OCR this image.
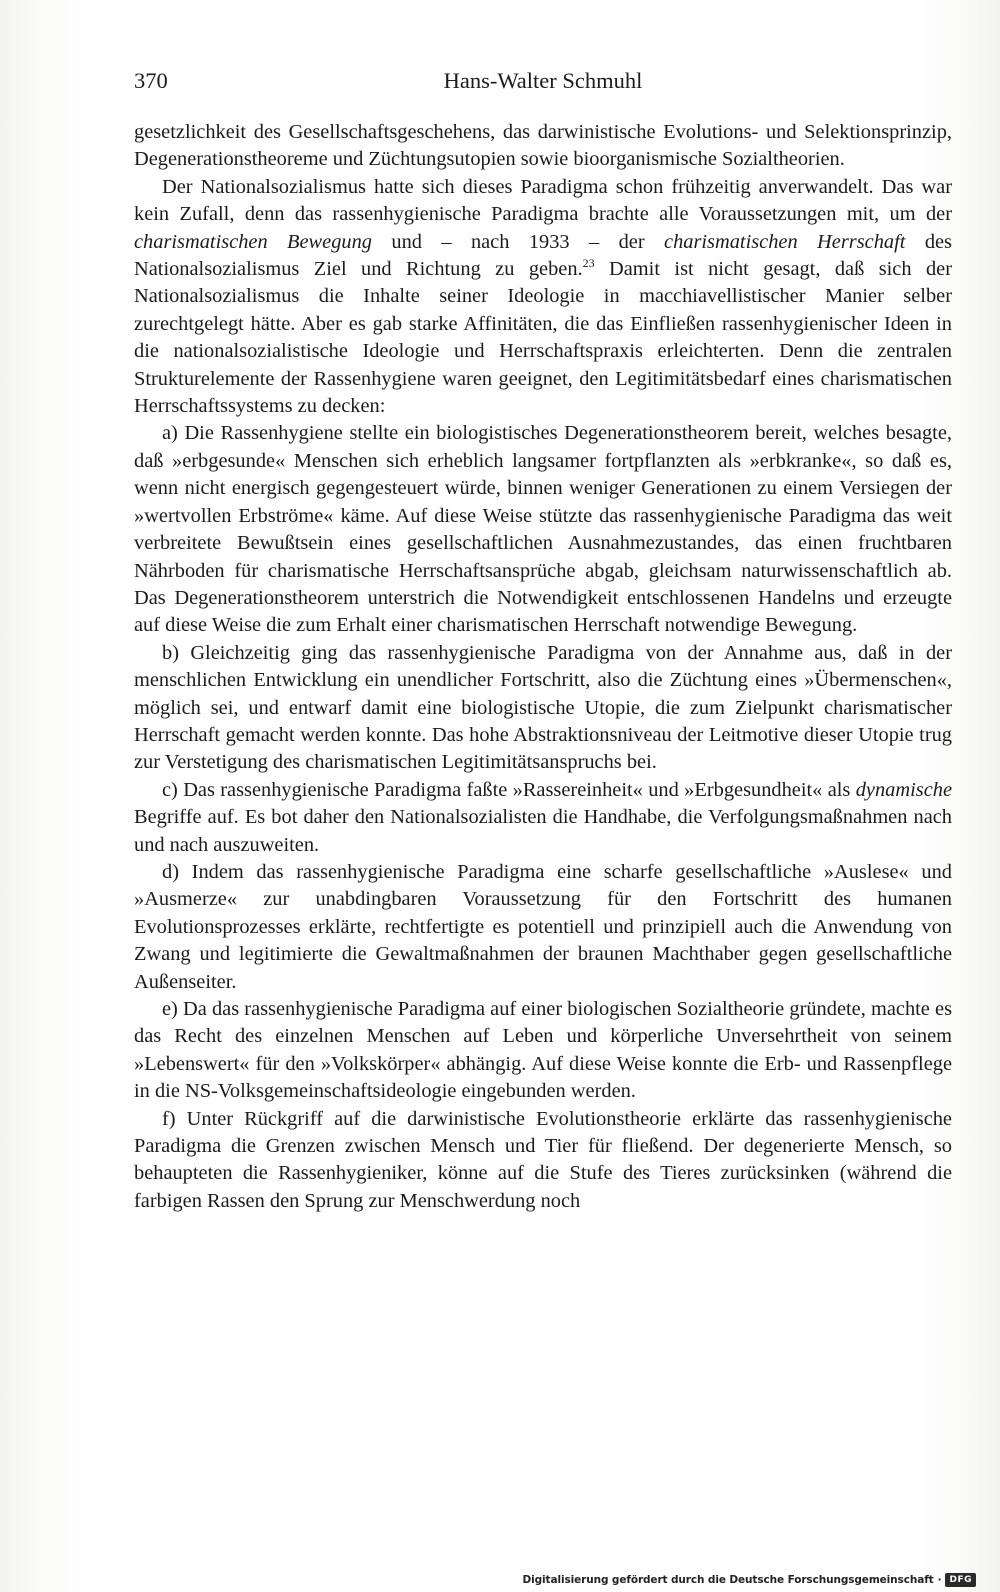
370	Hans-Walter Schmuhl

gesetzlichkeit des Gesellschaftsgeschehens, das darwinistische Evolutions- und Selektionsprinzip, Degenerationstheoreme und Züchtungsutopien sowie bioorganismische Sozialtheorien.

Der Nationalsozialismus hatte sich dieses Paradigma schon frühzeitig anverwandelt. Das war kein Zufall, denn das rassenhygienische Paradigma brachte alle Voraussetzungen mit, um der charismatischen Bewegung und – nach 1933 – der charismatischen Herrschaft des Nationalsozialismus Ziel und Richtung zu geben.$^{23}$ Damit ist nicht gesagt, daß sich der Nationalsozialismus die Inhalte seiner Ideologie in macchiavellistischer Manier selber zurechtgelegt hätte. Aber es gab starke Affinitäten, die das Einfließen rassenhygienischer Ideen in die nationalsozialistische Ideologie und Herrschaftspraxis erleichterten. Denn die zentralen Strukturelemente der Rassenhygiene waren geeignet, den Legitimitätsbedarf eines charismatischen Herrschaftssystems zu decken:

a) Die Rassenhygiene stellte ein biologistisches Degenerationstheorem bereit, welches besagte, daß »erbgesunde« Menschen sich erheblich langsamer fortpflanzten als »erbkranke«, so daß es, wenn nicht energisch gegengesteuert würde, binnen weniger Generationen zu einem Versiegen der »wertvollen Erbströme« käme. Auf diese Weise stützte das rassenhygienische Paradigma das weit verbreitete Bewußtsein eines gesellschaftlichen Ausnahmezustandes, das einen fruchtbaren Nährboden für charismatische Herrschaftsansprüche abgab, gleichsam naturwissenschaftlich ab. Das Degenerationstheorem unterstrich die Notwendigkeit entschlossenen Handelns und erzeugte auf diese Weise die zum Erhalt einer charismatischen Herrschaft notwendige Bewegung.

b) Gleichzeitig ging das rassenhygienische Paradigma von der Annahme aus, daß in der menschlichen Entwicklung ein unendlicher Fortschritt, also die Züchtung eines »Übermenschen«, möglich sei, und entwarf damit eine biologistische Utopie, die zum Zielpunkt charismatischer Herrschaft gemacht werden konnte. Das hohe Abstraktionsniveau der Leitmotive dieser Utopie trug zur Verstetigung des charismatischen Legitimitätsanspruchs bei.

c) Das rassenhygienische Paradigma faßte »Rassereinheit« und »Erbgesundheit« als dynamische Begriffe auf. Es bot daher den Nationalsozialisten die Handhabe, die Verfolgungsmaßnahmen nach und nach auszuweiten.

d) Indem das rassenhygienische Paradigma eine scharfe gesellschaftliche »Auslese« und »Ausmerze« zur unabdingbaren Voraussetzung für den Fortschritt des humanen Evolutionsprozesses erklärte, rechtfertigte es potentiell und prinzipiell auch die Anwendung von Zwang und legitimierte die Gewaltmaßnahmen der braunen Machthaber gegen gesellschaftliche Außenseiter.

e) Da das rassenhygienische Paradigma auf einer biologischen Sozialtheorie gründete, machte es das Recht des einzelnen Menschen auf Leben und körperliche Unversehrtheit von seinem »Lebenswert« für den »Volkskörper« abhängig. Auf diese Weise konnte die Erb- und Rassenpflege in die NS-Volksgemeinschaftsideologie eingebunden werden.

f) Unter Rückgriff auf die darwinistische Evolutionstheorie erklärte das rassenhygienische Paradigma die Grenzen zwischen Mensch und Tier für fließend. Der degenerierte Mensch, so behaupteten die Rassenhygieniker, könne auf die Stufe des Tieres zurücksinken (während die farbigen Rassen den Sprung zur Menschwerdung noch

Digitalisierung gefördert durch die Deutsche Forschungsgemeinschaft · DFG
